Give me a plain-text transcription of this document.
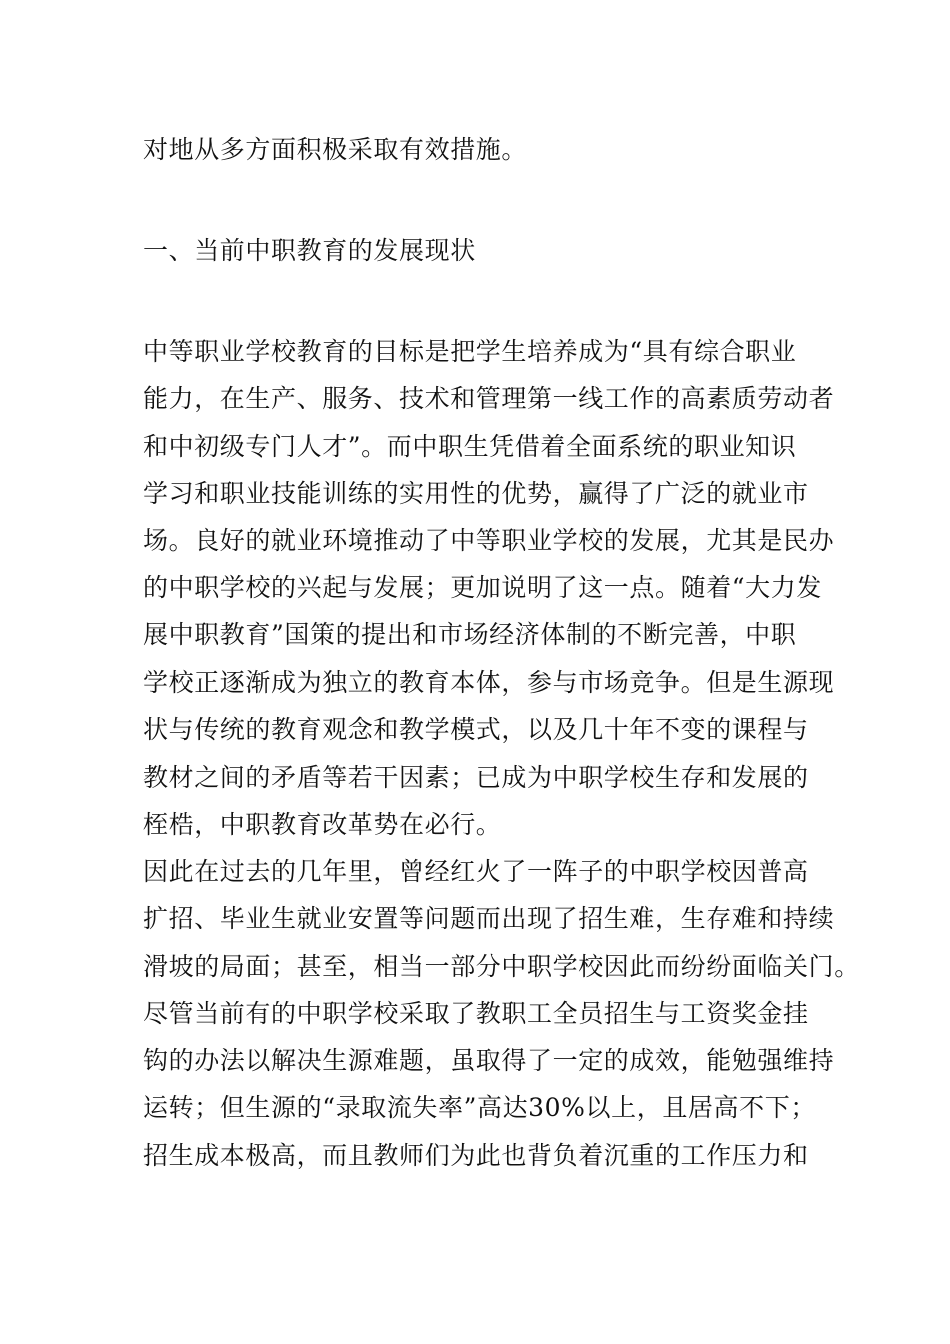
对地从多方面积极采取有效措施。

一、当前中职教育的发展现状

中等职业学校教育的目标是把学生培养成为“具有综合职业

能力，在生产、服务、技术和管理第一线工作的高素质劳动者

和中初级专门人才”。而中职生凭借着全面系统的职业知识

学习和职业技能训练的实用性的优势，赢得了广泛的就业市

场。良好的就业环境推动了中等职业学校的发展，尤其是民办

的中职学校的兴起与发展；更加说明了这一点。随着“大力发

展中职教育”国策的提出和市场经济体制的不断完善，中职

学校正逐渐成为独立的教育本体，参与市场竞争。但是生源现

状与传统的教育观念和教学模式，以及几十年不变的课程与

教材之间的矛盾等若干因素；已成为中职学校生存和发展的

桎梏，中职教育改革势在必行。

因此在过去的几年里，曾经红火了一阵子的中职学校因普高

扩招、毕业生就业安置等问题而出现了招生难，生存难和持续

滑坡的局面；甚至，相当一部分中职学校因此而纷纷面临关门。

尽管当前有的中职学校采取了教职工全员招生与工资奖金挂

钩的办法以解决生源难题，虽取得了一定的成效，能勉强维持

运转；但生源的“录取流失率”高达30%以上，且居高不下；

招生成本极高，而且教师们为此也背负着沉重的工作压力和
